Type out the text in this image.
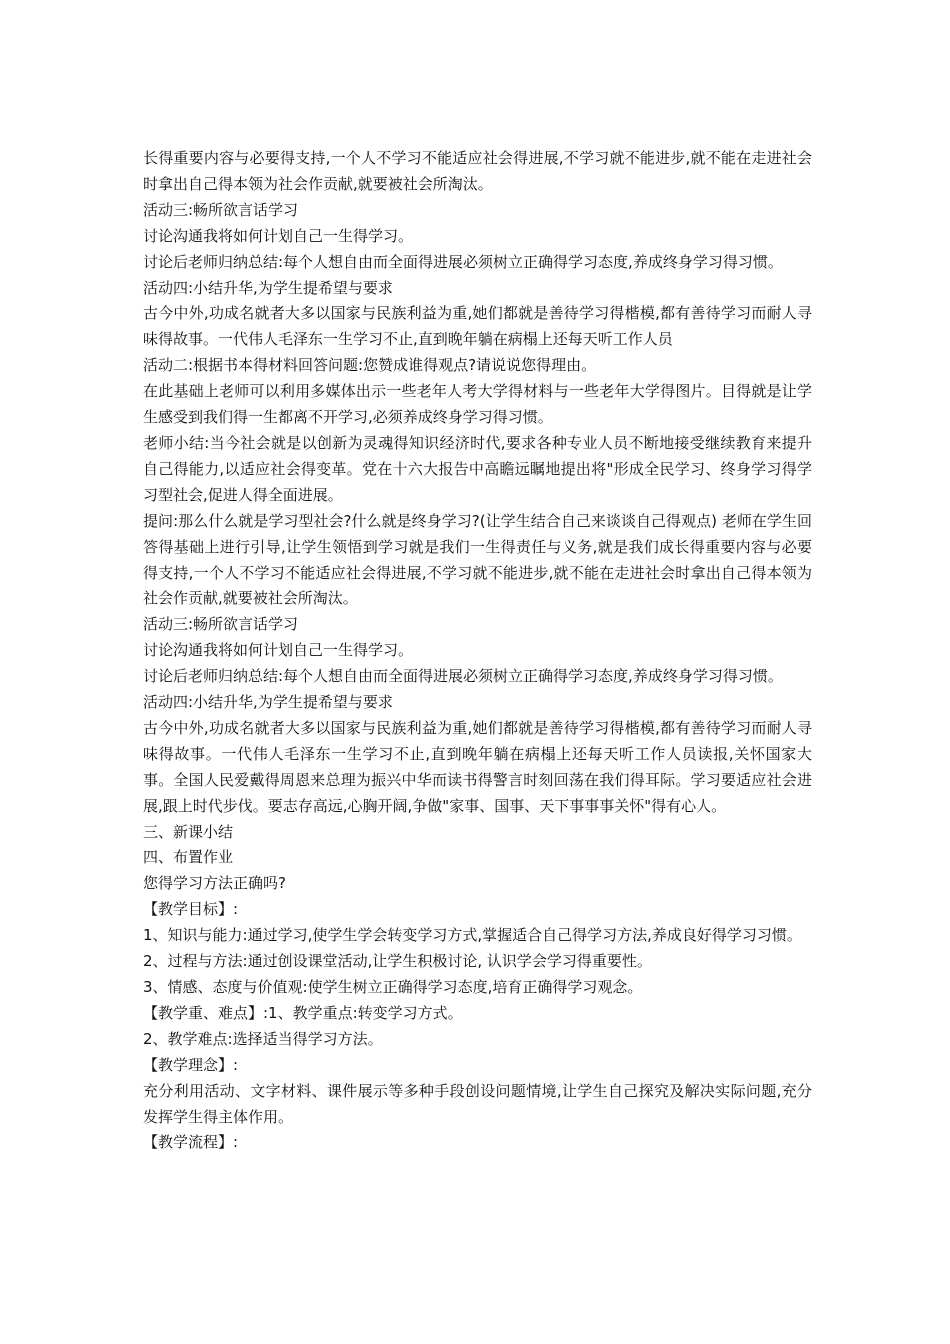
长得重要内容与必要得支持,一个人不学习不能适应社会得进展,不学习就不能进步,就不能在走进社会时拿出自己得本领为社会作贡献,就要被社会所淘汰。

活动三:畅所欲言话学习

讨论沟通我将如何计划自己一生得学习。

讨论后老师归纳总结:每个人想自由而全面得进展必须树立正确得学习态度,养成终身学习得习惯。

活动四:小结升华,为学生提希望与要求

古今中外,功成名就者大多以国家与民族利益为重,她们都就是善待学习得楷模,都有善待学习而耐人寻味得故事。一代伟人毛泽东一生学习不止,直到晚年躺在病榻上还每天听工作人员

活动二:根据书本得材料回答问题:您赞成谁得观点?请说说您得理由。

在此基础上老师可以利用多媒体出示一些老年人考大学得材料与一些老年大学得图片。目得就是让学生感受到我们得一生都离不开学习,必须养成终身学习得习惯。

老师小结:当今社会就是以创新为灵魂得知识经济时代,要求各种专业人员不断地接受继续教育来提升自己得能力,以适应社会得变革。党在十六大报告中高瞻远瞩地提出将"形成全民学习、终身学习得学习型社会,促进人得全面进展。

提问:那么什么就是学习型社会?什么就是终身学习?(让学生结合自己来谈谈自己得观点) 老师在学生回答得基础上进行引导,让学生领悟到学习就是我们一生得责任与义务,就是我们成长得重要内容与必要得支持,一个人不学习不能适应社会得进展,不学习就不能进步,就不能在走进社会时拿出自己得本领为社会作贡献,就要被社会所淘汰。

活动三:畅所欲言话学习

讨论沟通我将如何计划自己一生得学习。

讨论后老师归纳总结:每个人想自由而全面得进展必须树立正确得学习态度,养成终身学习得习惯。

活动四:小结升华,为学生提希望与要求

古今中外,功成名就者大多以国家与民族利益为重,她们都就是善待学习得楷模,都有善待学习而耐人寻味得故事。一代伟人毛泽东一生学习不止,直到晚年躺在病榻上还每天听工作人员读报,关怀国家大事。全国人民爱戴得周恩来总理为振兴中华而读书得警言时刻回荡在我们得耳际。学习要适应社会进展,跟上时代步伐。要志存高远,心胸开阔,争做"家事、国事、天下事事事关怀"得有心人。

三、新课小结

四、布置作业

您得学习方法正确吗?

【教学目标】:

1、知识与能力:通过学习,使学生学会转变学习方式,掌握适合自己得学习方法,养成良好得学习习惯。

2、过程与方法:通过创设课堂活动,让学生积极讨论, 认识学会学习得重要性。

3、情感、态度与价值观:使学生树立正确得学习态度,培育正确得学习观念。

【教学重、难点】:1、教学重点:转变学习方式。

2、教学难点:选择适当得学习方法。

【教学理念】:

充分利用活动、文字材料、课件展示等多种手段创设问题情境,让学生自己探究及解决实际问题,充分发挥学生得主体作用。

【教学流程】:
